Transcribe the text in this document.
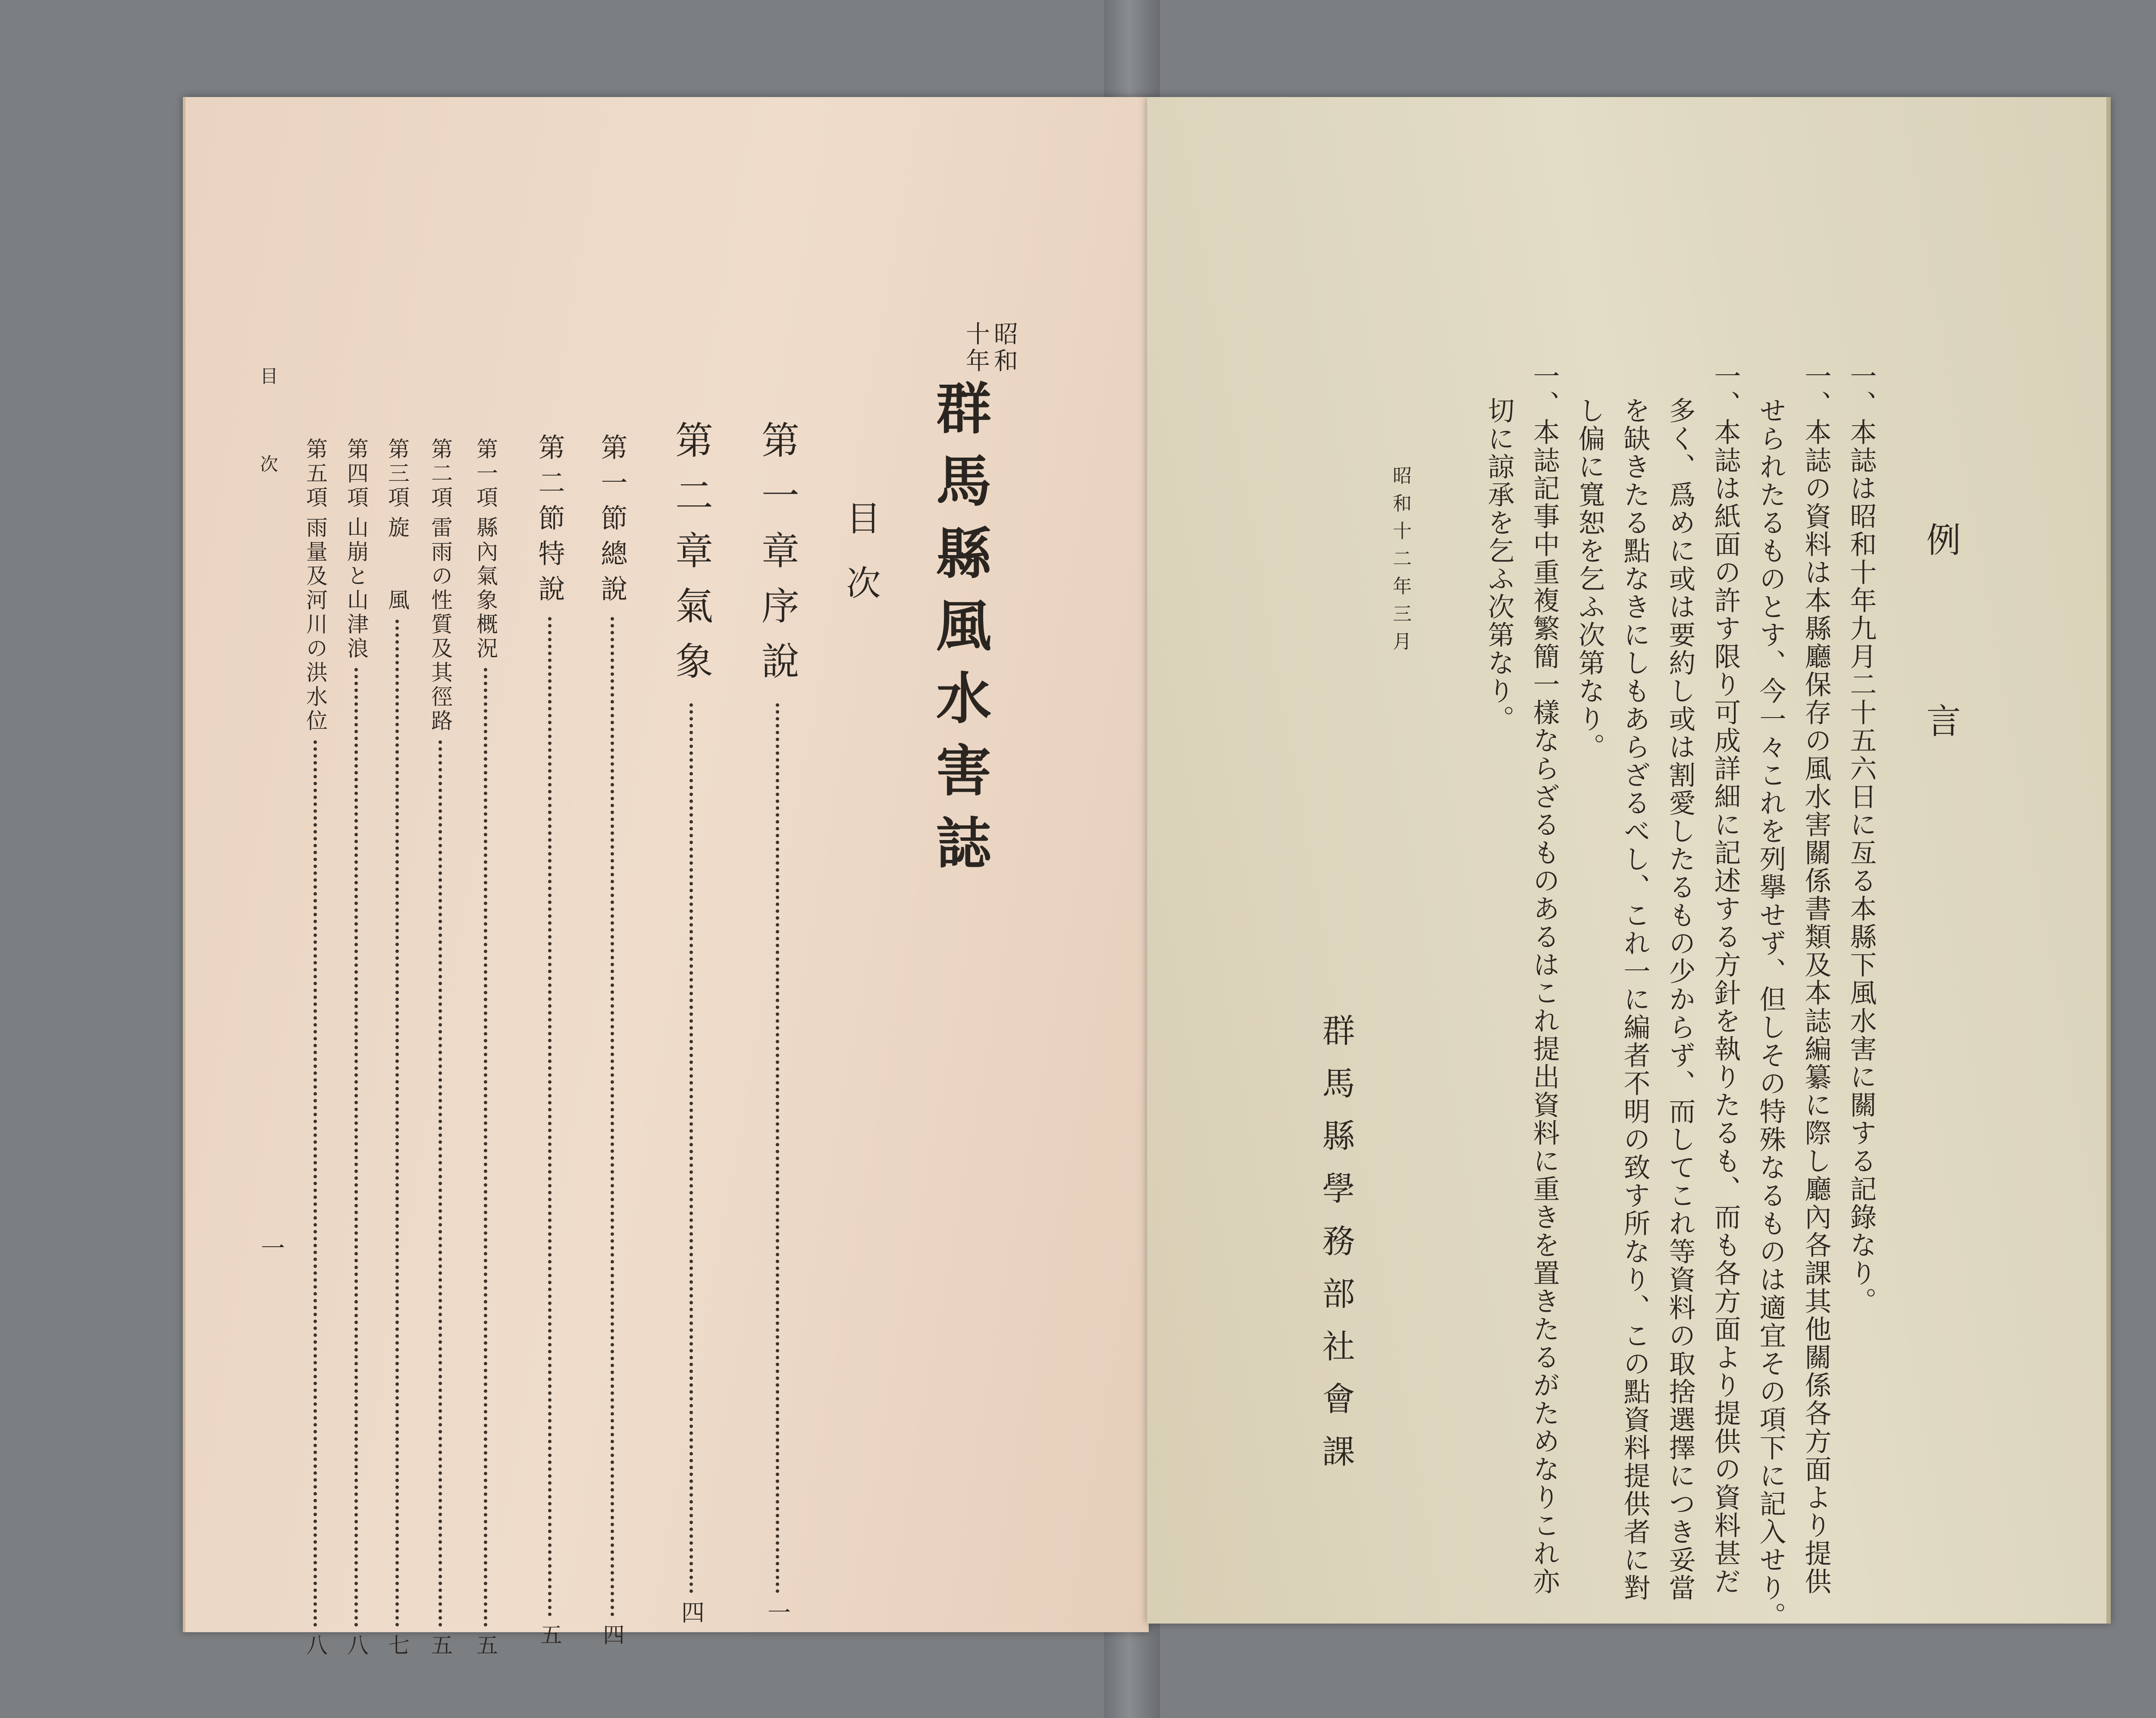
昭和
十年
群馬縣風水害誌
目次
第一章序
說
一
第二章氣
象
四
第一節總
說
四
第二節特
說
五
第一項
縣內氣象概況
五
第二項
雷雨の性質及其徑路
五
第三項
旋　　風
七
第四項
山崩と山津浪
八
第五項
雨量及河川の洪水位
八
目　次
一
例　　言
一、本誌は昭和十年九月二十五六日に亙る本縣下風水害に關する記錄なり。
一、本誌の資料は本縣廳保存の風水害關係書類及本誌編纂に際し廳內各課其他關係各方面より提供
せられたるものとす、今一々これを列擧せず、但しその特殊なるものは適宜その項下に記入せり。
一、本誌は紙面の許す限り可成詳細に記述する方針を執りたるも、而も各方面より提供の資料甚だ
多く、爲めに或は要約し或は割愛したるもの少からず、而してこれ等資料の取捨選擇につき妥當
を缺きたる點なきにしもあらざるべし、これ一に編者不明の致す所なり、この點資料提供者に對
し偏に寬恕を乞ふ次第なり。
一、本誌記事中重複繁簡一樣ならざるものあるはこれ提出資料に重きを置きたるがためなりこれ亦
切に諒承を乞ふ次第なり。
昭和十二年三月
群馬縣學務部社會課
